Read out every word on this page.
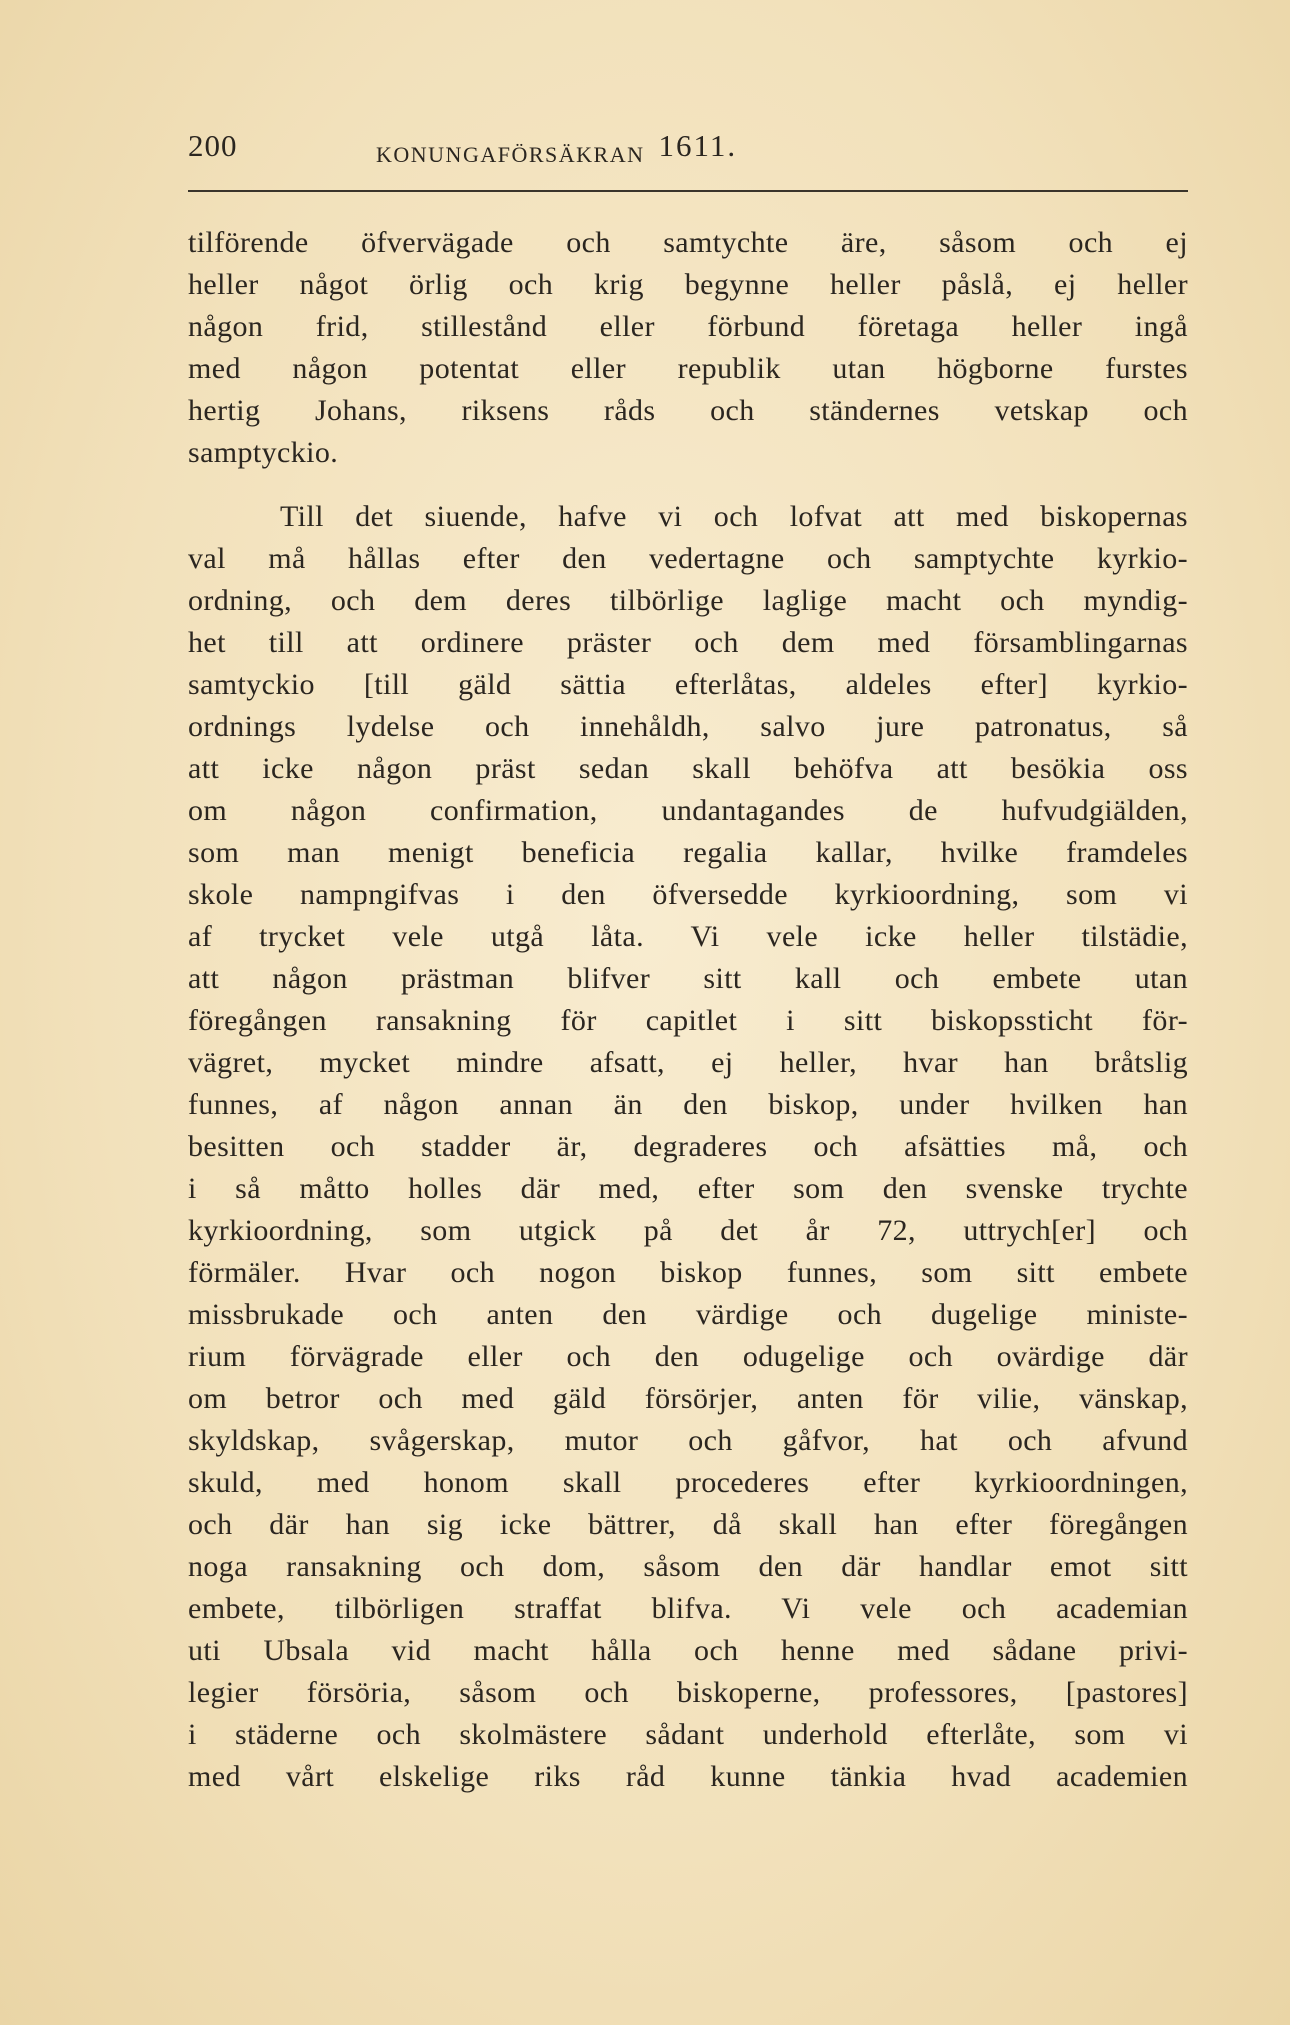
200	KONUNGAFÖRSÄKRAN 1611.
tilförende öfvervägade och samtychte äre, såsom och ej
heller något örlig och krig begynne heller påslå, ej heller
någon frid, stillestånd eller förbund företaga heller ingå
med någon potentat eller republik utan högborne furstes
hertig Johans, riksens råds och ständernes vetskap och
samptyckio.
Till det siuende, hafve vi och lofvat att med biskopernas
val må hållas efter den vedertagne och samptychte kyrkio-
ordning, och dem deres tilbörlige laglige macht och myndig-
het till att ordinere präster och dem med församblingarnas
samtyckio [till gäld sättia efterlåtas, aldeles efter] kyrkio-
ordnings lydelse och innehåldh, salvo jure patronatus, så
att icke någon präst sedan skall behöfva att besökia oss
om någon confirmation, undantagandes de hufvudgiälden,
som man menigt beneficia regalia kallar, hvilke framdeles
skole nampngifvas i den öfversedde kyrkioordning, som vi
af trycket vele utgå låta. Vi vele icke heller tilstädie,
att någon prästman blifver sitt kall och embete utan
föregången ransakning för capitlet i sitt biskopssticht för-
vägret, mycket mindre afsatt, ej heller, hvar han bråtslig
funnes, af någon annan än den biskop, under hvilken han
besitten och stadder är, degraderes och afsätties må, och
i så måtto holles där med, efter som den svenske trychte
kyrkioordning, som utgick på det år 72, uttrych[er] och
förmäler. Hvar och nogon biskop funnes, som sitt embete
missbrukade och anten den värdige och dugelige ministe-
rium förvägrade eller och den odugelige och ovärdige där
om betror och med gäld försörjer, anten för vilie, vänskap,
skyldskap, svågerskap, mutor och gåfvor, hat och afvund
skuld, med honom skall procederes efter kyrkioordningen,
och där han sig icke bättrer, då skall han efter föregången
noga ransakning och dom, såsom den där handlar emot sitt
embete, tilbörligen straffat blifva. Vi vele och academian
uti Ubsala vid macht hålla och henne med sådane privi-
legier försöria, såsom och biskoperne, professores, [pastores]
i städerne och skolmästere sådant underhold efterlåte, som vi
med vårt elskelige riks råd kunne tänkia hvad academien
